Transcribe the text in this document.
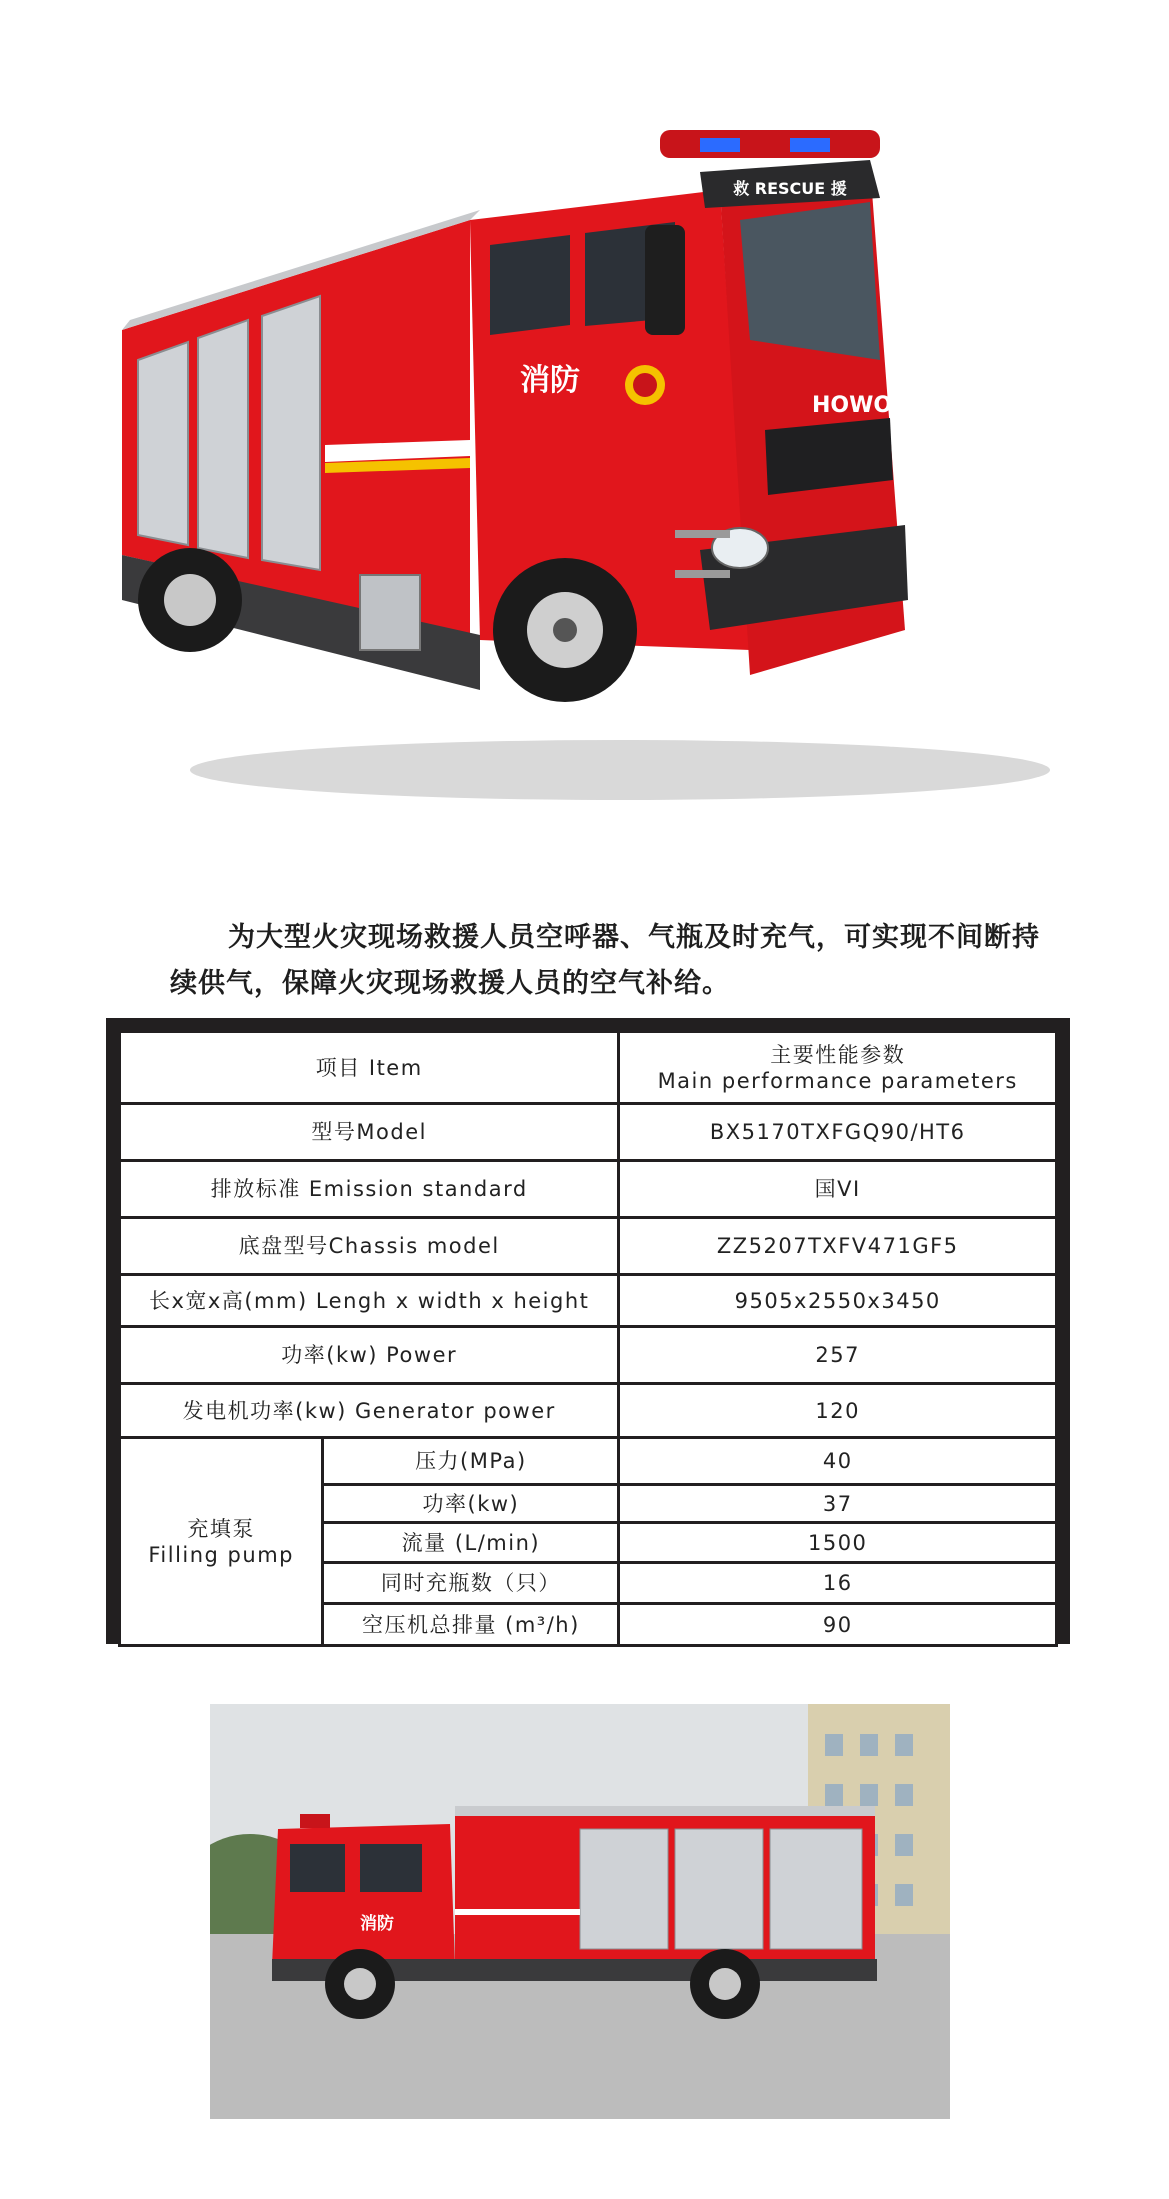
救 RESCUE 援
消防
HOWO

为大型火灾现场救援人员空呼器、气瓶及时充气，可实现不间断持续供气，保障火灾现场救援人员的空气补给。

项目 Item		主要性能参数
Main performance parameters

型号Model		BX5170TXFGQ90/HT6
排放标准 Emission standard		国VI
底盘型号Chassis model		ZZ5207TXFV471GF5
长x宽x高(mm) Lengh x width x height		9505x2550x3450
功率(kw) Power		257
发电机功率(kw) Generator power		120

充填泵
Filling pump	压力(MPa)	40
	功率(kw)	37
	流量 (L/min)	1500
	同时充瓶数（只）	16
	空压机总排量 (m³/h)	90
消防
